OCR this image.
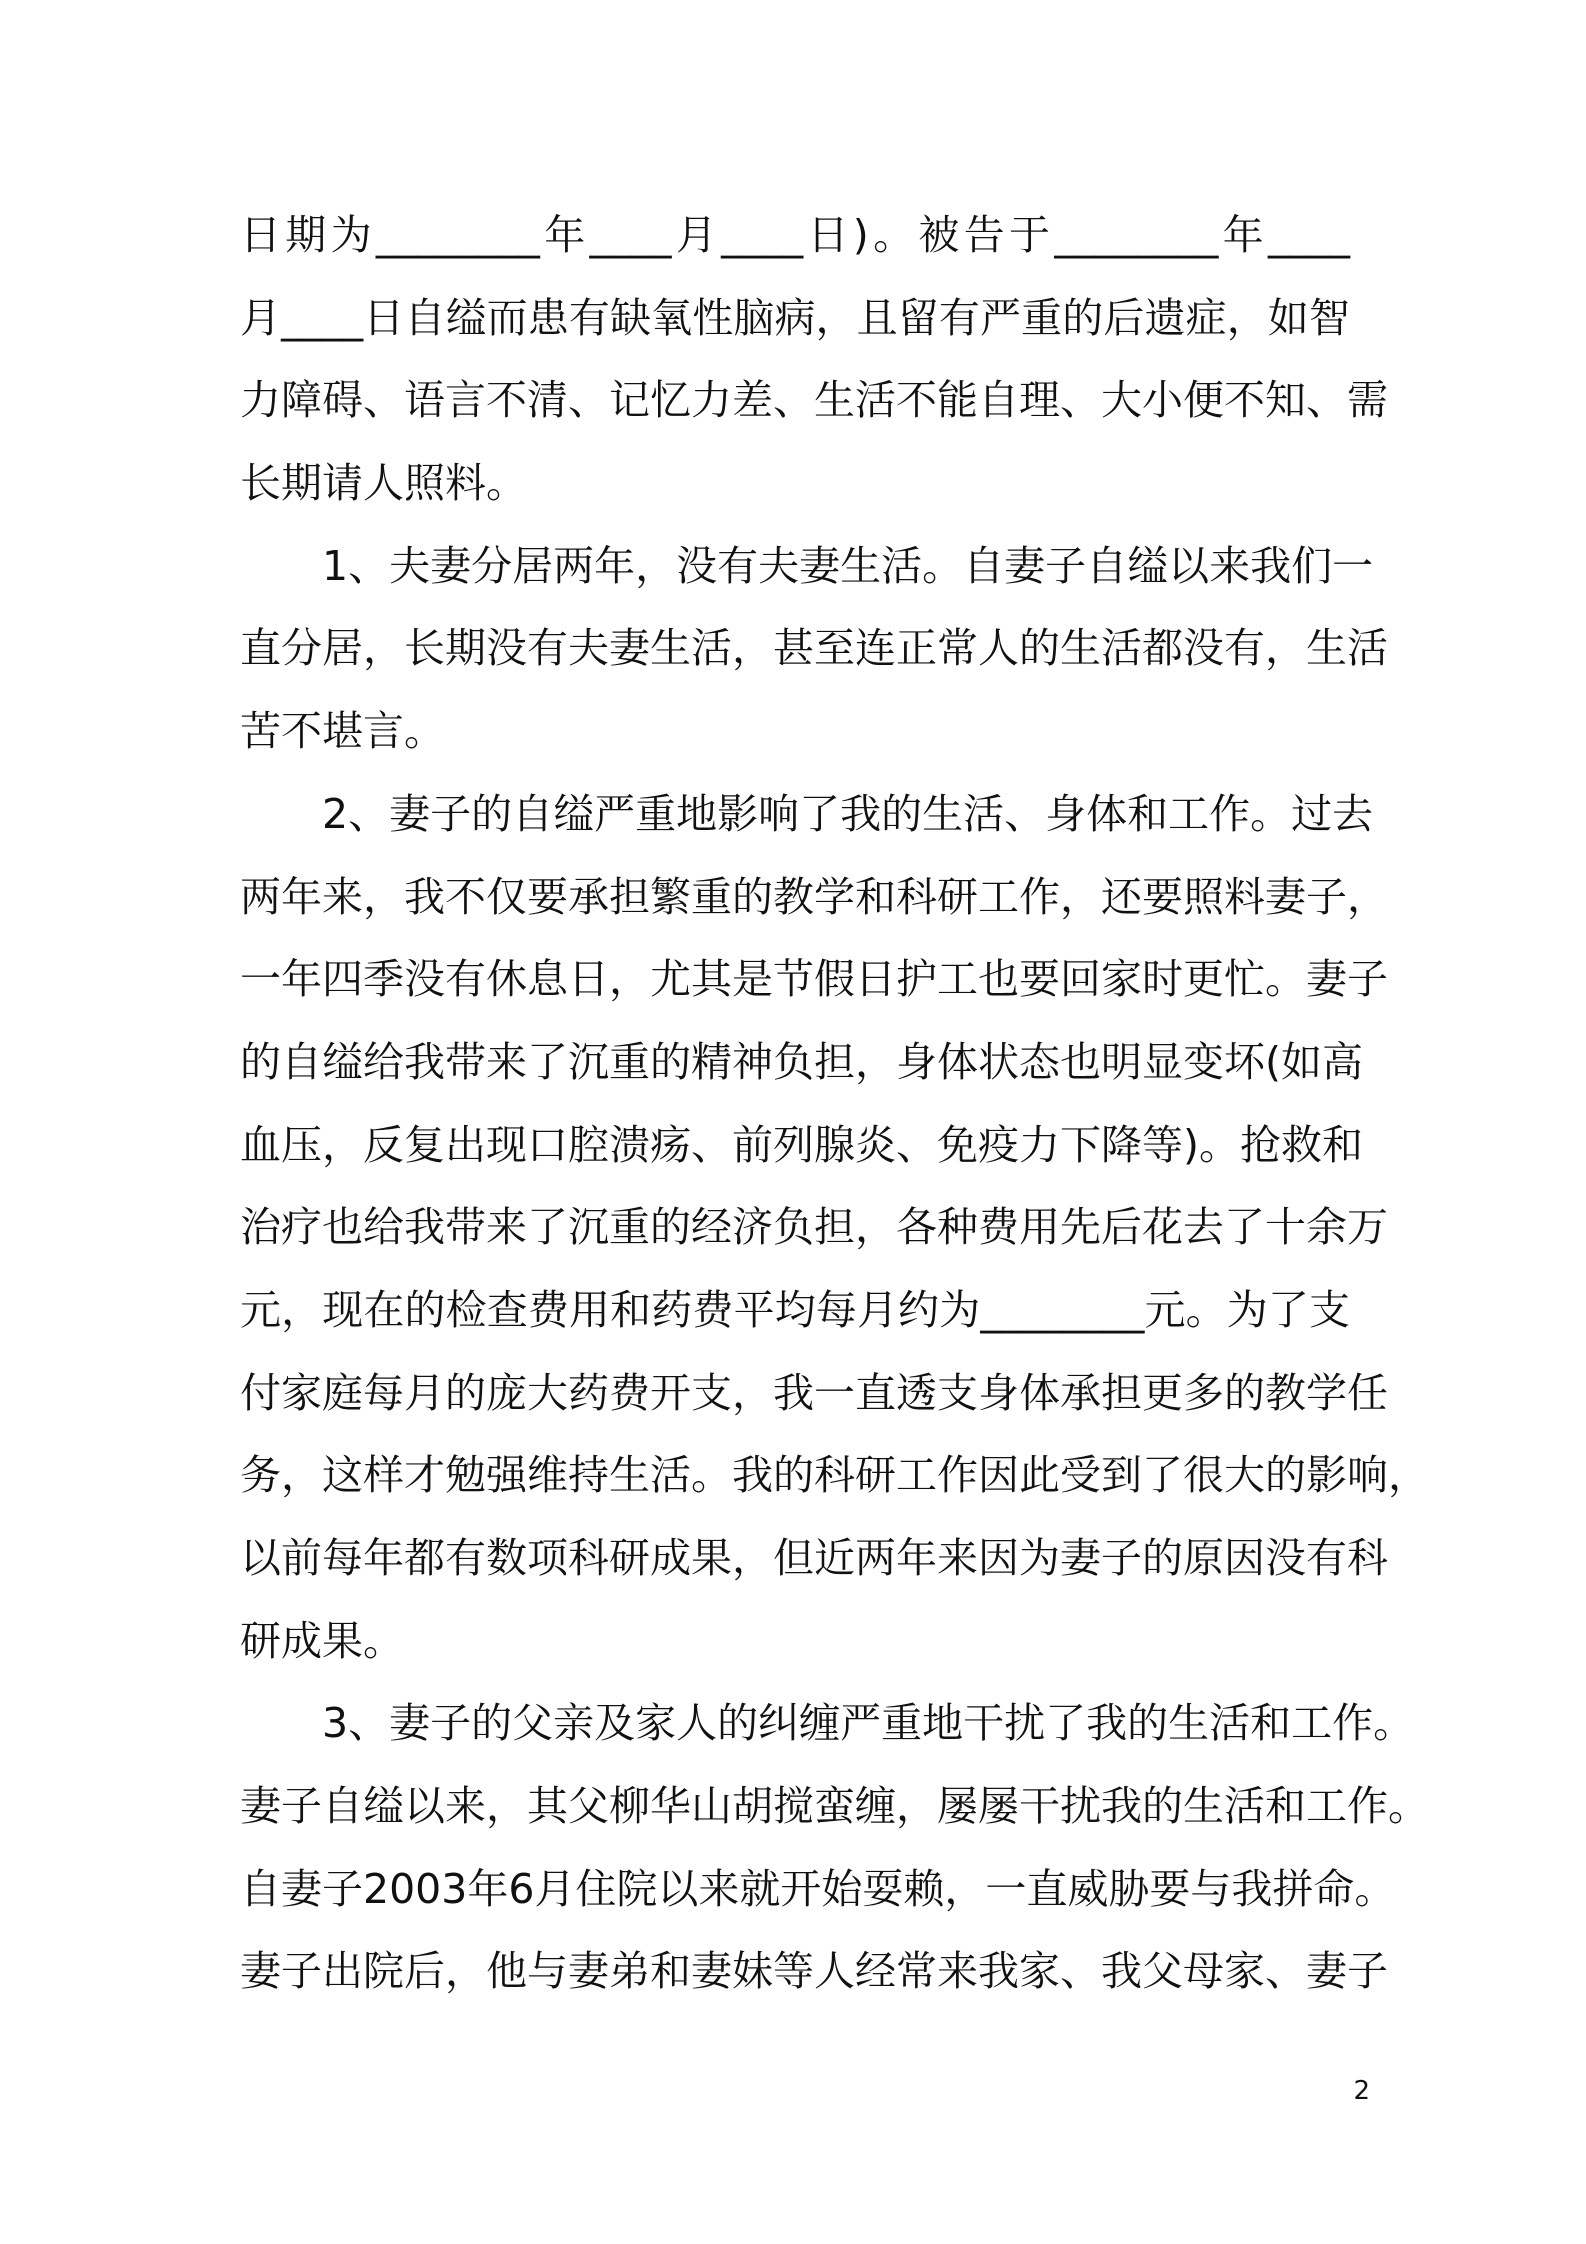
日期为________年____月____日)。被告于________年____
月____日自缢而患有缺氧性脑病，且留有严重的后遗症，如智
力障碍、语言不清、记忆力差、生活不能自理、大小便不知、需
长期请人照料。
1、夫妻分居两年，没有夫妻生活。自妻子自缢以来我们一
直分居，长期没有夫妻生活，甚至连正常人的生活都没有，生活
苦不堪言。
2、妻子的自缢严重地影响了我的生活、身体和工作。过去
两年来，我不仅要承担繁重的教学和科研工作，还要照料妻子，
一年四季没有休息日，尤其是节假日护工也要回家时更忙。妻子
的自缢给我带来了沉重的精神负担，身体状态也明显变坏(如高
血压，反复出现口腔溃疡、前列腺炎、免疫力下降等)。抢救和
治疗也给我带来了沉重的经济负担，各种费用先后花去了十余万
元，现在的检查费用和药费平均每月约为________元。为了支
付家庭每月的庞大药费开支，我一直透支身体承担更多的教学任
务，这样才勉强维持生活。我的科研工作因此受到了很大的影响，
以前每年都有数项科研成果，但近两年来因为妻子的原因没有科
研成果。
3、妻子的父亲及家人的纠缠严重地干扰了我的生活和工作。
妻子自缢以来，其父柳华山胡搅蛮缠，屡屡干扰我的生活和工作。
自妻子2003年6月住院以来就开始耍赖，一直威胁要与我拼命。
妻子出院后，他与妻弟和妻妹等人经常来我家、我父母家、妻子
2
